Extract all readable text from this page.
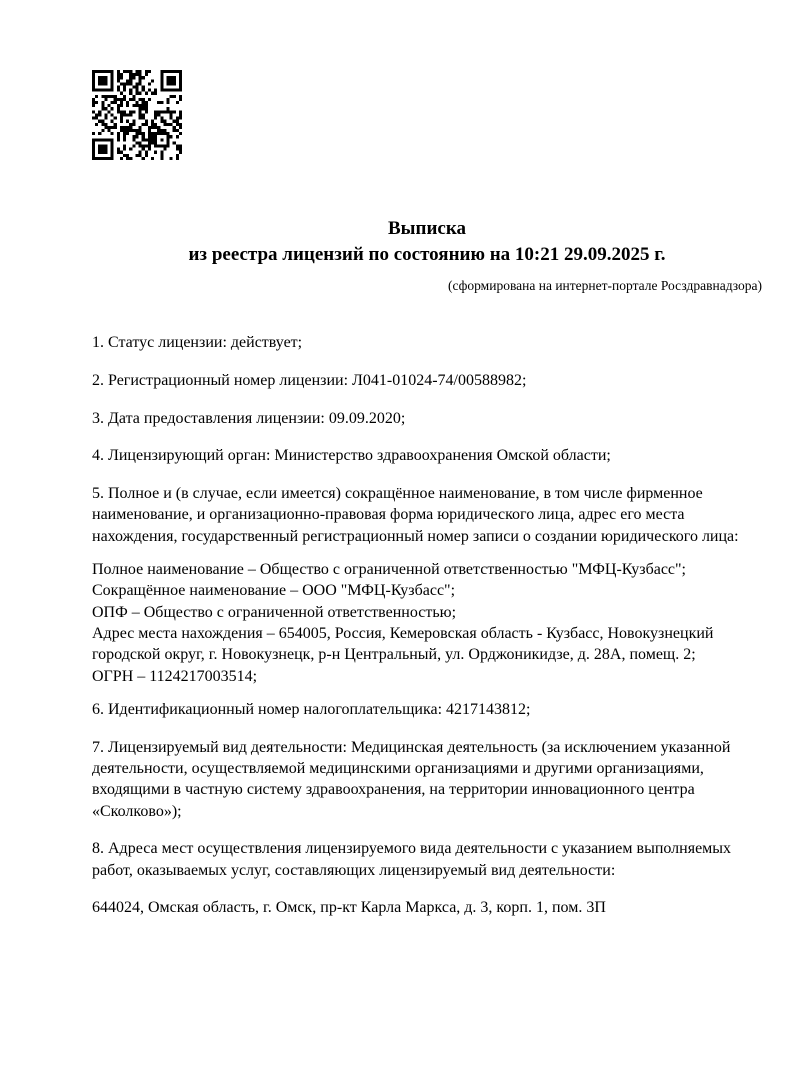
Выписка
из реестра лицензий по состоянию на 10:21 29.09.2025 г.
(сформирована на интернет-портале Росздравнадзора)
1. Статус лицензии: действует;
2. Регистрационный номер лицензии: Л041-01024-74/00588982;
3. Дата предоставления лицензии: 09.09.2020;
4. Лицензирующий орган: Министерство здравоохранения Омской области;
5. Полное и (в случае, если имеется) сокращённое наименование, в том числе фирменное
наименование, и организационно-правовая форма юридического лица, адрес его места
нахождения, государственный регистрационный номер записи о создании юридического лица:
Полное наименование – Общество с ограниченной ответственностью "МФЦ-Кузбасс";
Сокращённое наименование – ООО "МФЦ-Кузбасс";
ОПФ – Общество с ограниченной ответственностью;
Адрес места нахождения – 654005, Россия, Кемеровская область - Кузбасс, Новокузнецкий
городской округ, г. Новокузнецк, р-н Центральный, ул. Орджоникидзе, д. 28А, помещ. 2;
ОГРН – 1124217003514;
6. Идентификационный номер налогоплательщика: 4217143812;
7. Лицензируемый вид деятельности: Медицинская деятельность (за исключением указанной
деятельности, осуществляемой медицинскими организациями и другими организациями,
входящими в частную систему здравоохранения, на территории инновационного центра
«Сколково»);
8. Адреса мест осуществления лицензируемого вида деятельности с указанием выполняемых
работ, оказываемых услуг, составляющих лицензируемый вид деятельности:
644024, Омская область, г. Омск, пр-кт Карла Маркса, д. 3, корп. 1, пом. 3П
